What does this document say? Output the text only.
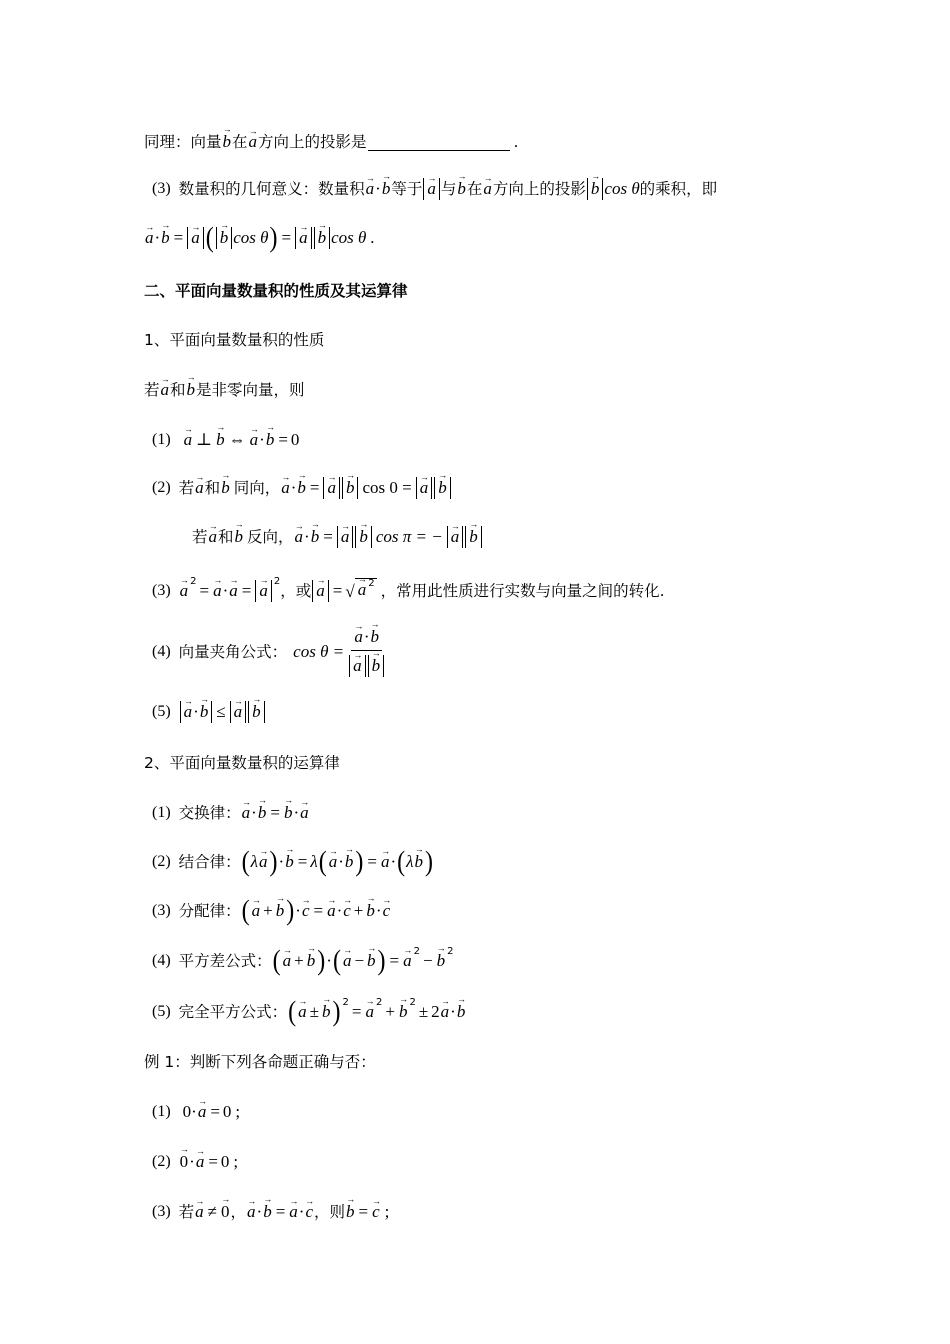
同理：向量 → b 在 → a 方向上的投影是	.
(3) 数量积的几何意义：数量积 → a · → b 等于 → a 与 → b 在 → a 方向上的投影 → b cos θ 的乘积，即
→ a · → b = → a ( → b cos θ ) = → a → b cos θ .
二、平面向量数量积的性质及其运算律
1、平面向量数量积的性质
若 → a 和 → b 是非零向量，则
(1) → a ⊥ → b ⇔ → a · → b = 0
(2) 若 → a 和 → b 同向， → a · → b = → a → b cos 0 = → a → b
若 → a 和 → b 反向， → a · → b = → a → b cos π = − → a → b
(3) → a 2 = → a · → a = → a 2
，或 → a = √ → a $^2$ ，常用此性质进行实数与向量之间的转化.
(4) 向量夹角公式： cos θ = → a·→ b
→ a → b
(5) → a·→ b ≤ → a → b
2、平面向量数量积的运算律
(1) 交换律： → a · → b = → b · → a
(2) 结合律： ( λ → a ) · → b = λ ( → a · → b ) = → a · ( λ → b )
(3) 分配律： ( → a + → b ) · → c = → a · → c + → b · → c
(4) 平方差公式： ( → a + → b ) · ( → a − → b ) = → a 2 − → b 2
(5) 完全平方公式： ( → a ± → b ) 2 = → a 2 + → b 2 ± 2 → a · → b
例 1：判断下列各命题正确与否：
(1) 0 · → a = 0 ;
(2) → 0 · → a = 0 ;
(3) 若 → a ≠ → 0 ， → a · → b = → a · → c ，则 → b = → c ;
